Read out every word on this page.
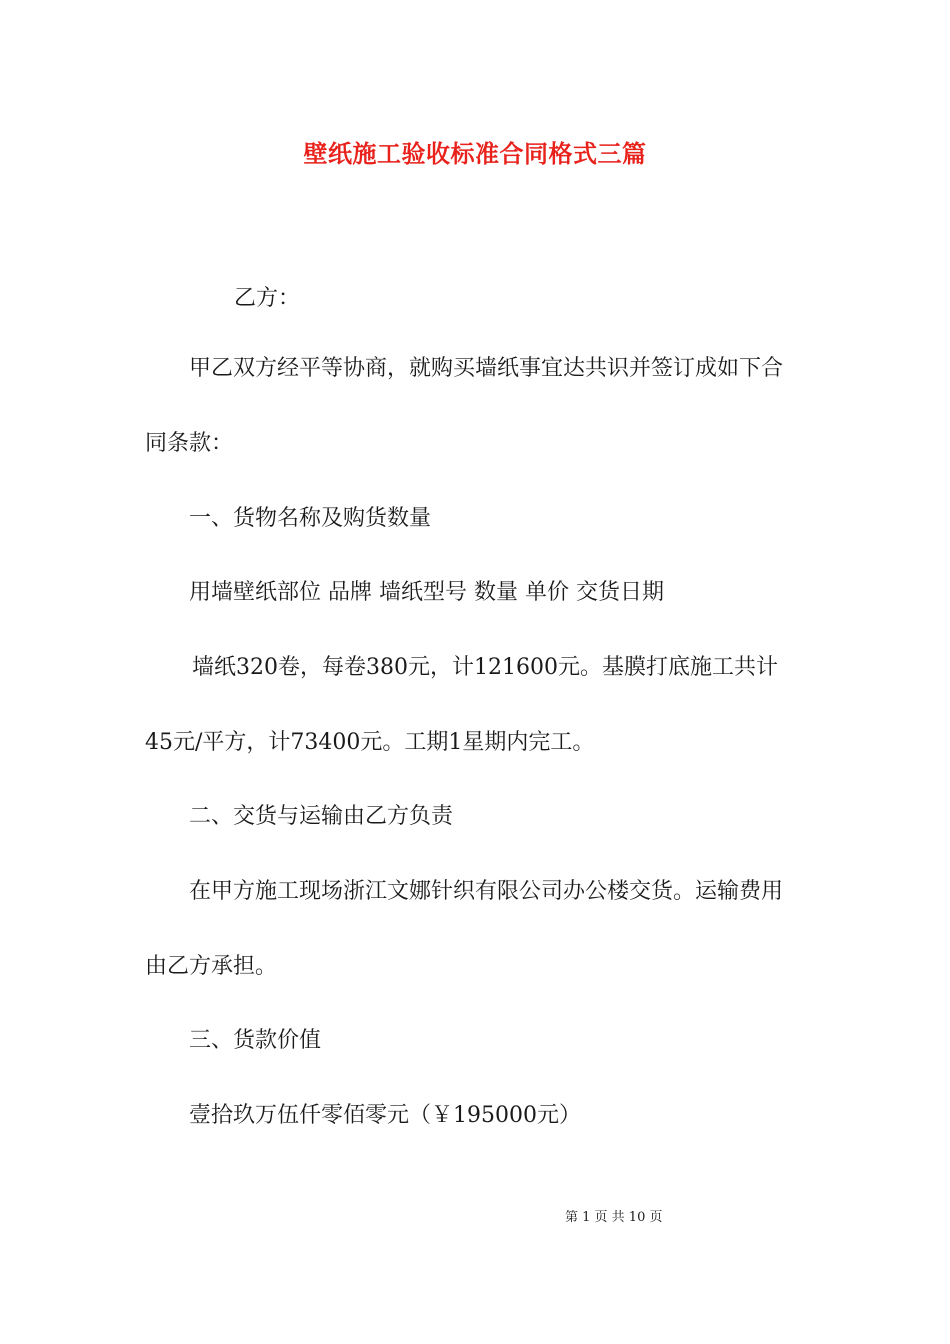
壁纸施工验收标准合同格式三篇
乙方：
甲乙双方经平等协商，就购买墙纸事宜达共识并签订成如下合
同条款：
一、货物名称及购货数量
用墙壁纸部位 品牌 墙纸型号 数量 单价 交货日期
墙纸320卷，每卷380元，计121600元。基膜打底施工共计
45元/平方，计73400元。工期1星期内完工。
二、交货与运输由乙方负责
在甲方施工现场浙江文娜针织有限公司办公楼交货。运输费用
由乙方承担。
三、货款价值
壹拾玖万伍仟零佰零元（￥195000元）
第 1 页 共 10 页
